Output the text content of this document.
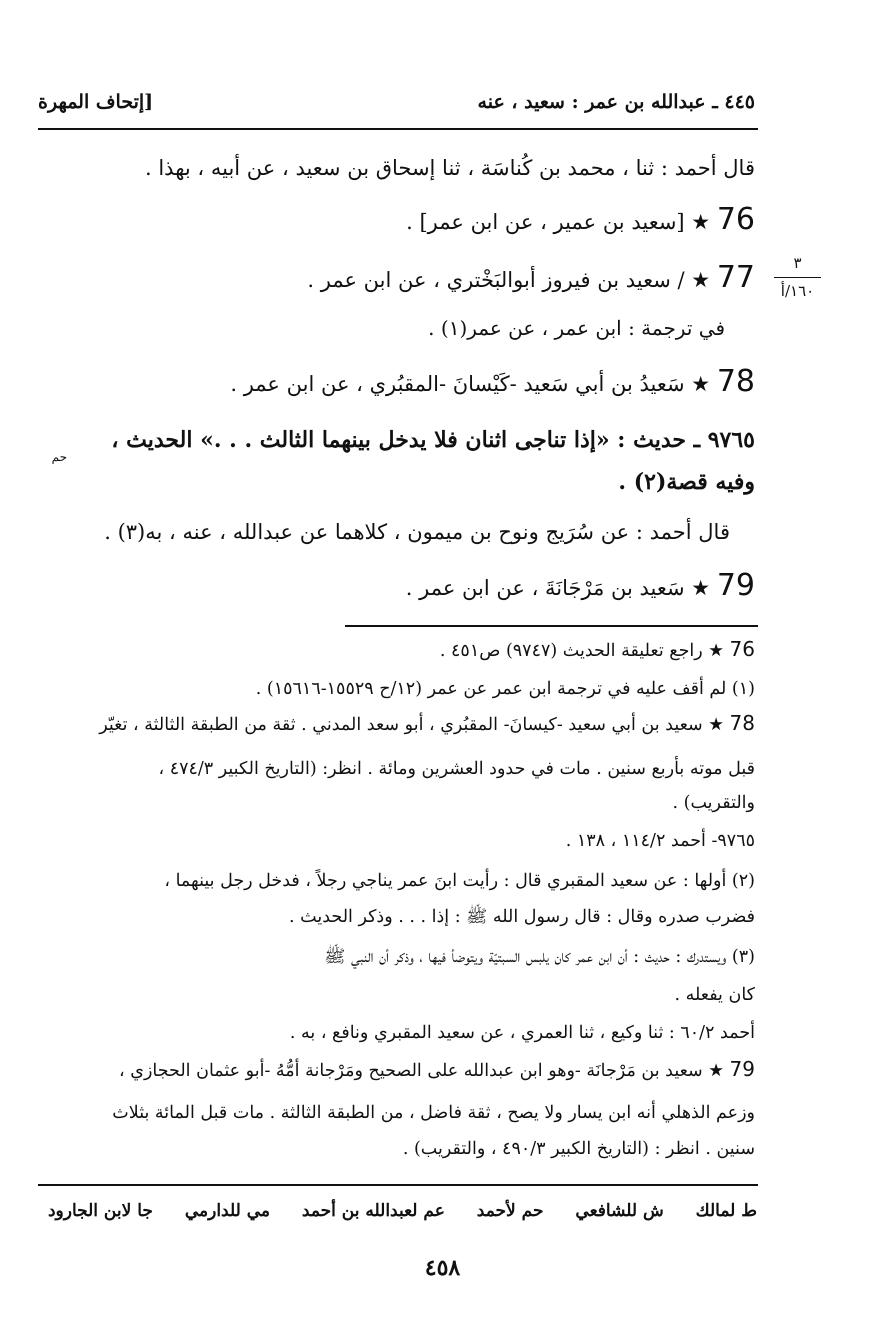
٤٤٥ ـ عبدالله بن عمر : سعيد ، عنه
[إتحاف المهرة
قال أحمد : ثنا ، محمد بن كُناسَة ، ثنا إسحاق بن سعيد ، عن أبيه ، بهذا .
76 ★ [سعيد بن عمير ، عن ابن عمر] .
77 ★ / سعيد بن فيروز أبوالبَخْتري ، عن ابن عمر .
في ترجمة : ابن عمر ، عن عمر(١) .
٣
١٦٠/أ
78 ★ سَعيدُ بن أبي سَعيد -كَيْسانَ -المقبُري ، عن ابن عمر .
٩٧٦٥ ـ حديث : «إذا تناجى اثنان فلا يدخل بينهما الثالث . . .» الحديث ،
حم
وفيه قصة(٢) .
قال أحمد : عن سُرَيج ونوح بن ميمون ، كلاهما عن عبدالله ، عنه ، به(٣) .
79 ★ سَعيد بن مَرْجَانَةَ ، عن ابن عمر .
76 ★ راجع تعليقة الحديث (٩٧٤٧) ص٤٥١ .
(١) لم أقف عليه في ترجمة ابن عمر عن عمر (١٢/ح ١٥٥٢٩-١٥٦١٦) .
78 ★ سعيد بن أبي سعيد -كيسانَ- المقبُري ، أبو سعد المدني . ثقة من الطبقة الثالثة ، تغيّر
قبل موته بأربع سنين . مات في حدود العشرين ومائة . انظر: (التاريخ الكبير ٤٧٤/٣ ،
والتقريب) .
٩٧٦٥- أحمد ١١٤/٢ ، ١٣٨ .
(٢) أولها : عن سعيد المقبري قال : رأيت ابنَ عمر يناجي رجلاً ، فدخل رجل بينهما ،
فضرب صدره وقال : قال رسول الله ﷺ : إذا . . . وذكر الحديث .
(٣) ويستدرك : حديث : أن ابن عمر كان يلبس السبتيّة ويتوضأ فيها ، وذكر أن النبي ﷺ
كان يفعله .
أحمد ٦٠/٢ : ثنا وكيع ، ثنا العمري ، عن سعيد المقبري ونافع ، به .
79 ★ سعيد بن مَرْجانَة -وهو ابن عبدالله على الصحيح ومَرْجانة أمُّهُ -أبو عثمان الحجازي ،
وزعم الذهلي أنه ابن يسار ولا يصح ، ثقة فاضل ، من الطبقة الثالثة . مات قبل المائة بثلاث
سنين . انظر : (التاريخ الكبير ٤٩٠/٣ ، والتقريب) .
ط لمالك ش للشافعي حم لأحمد عم لعبدالله بن أحمد مي للدارمي جا لابن الجارود
٤٥٨
